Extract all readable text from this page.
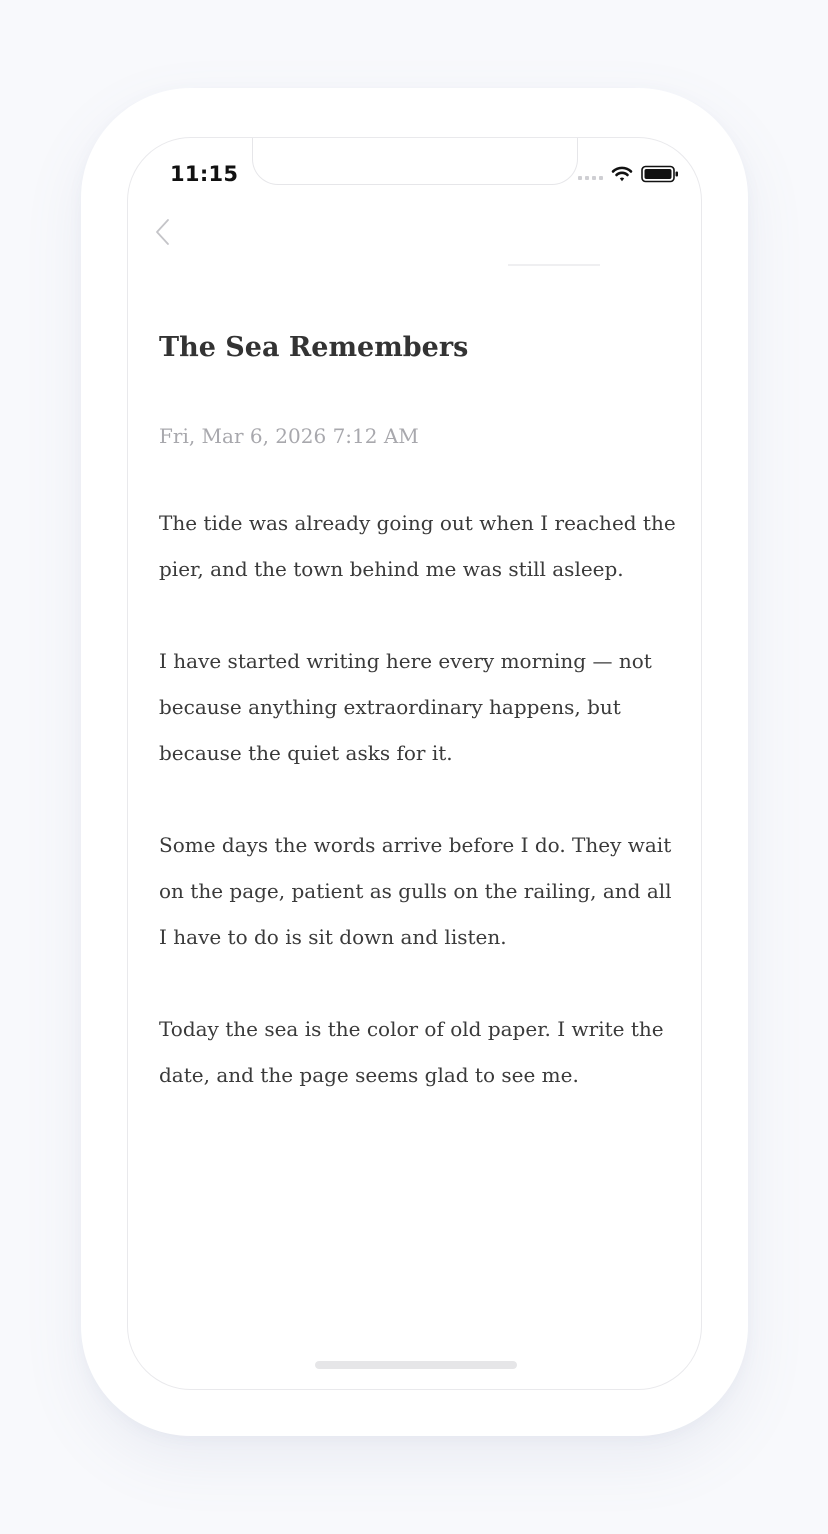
11:15
The Sea Remembers
Fri, Mar 6, 2026 7:12 AM

The tide was already going out when I reached the pier, and the town behind me was still asleep.

I have started writing here every morning — not because anything extraordinary happens, but because the quiet asks for it.

Some days the words arrive before I do. They wait on the page, patient as gulls on the railing, and all I have to do is sit down and listen.

Today the sea is the color of old paper. I write the date, and the page seems glad to see me.
